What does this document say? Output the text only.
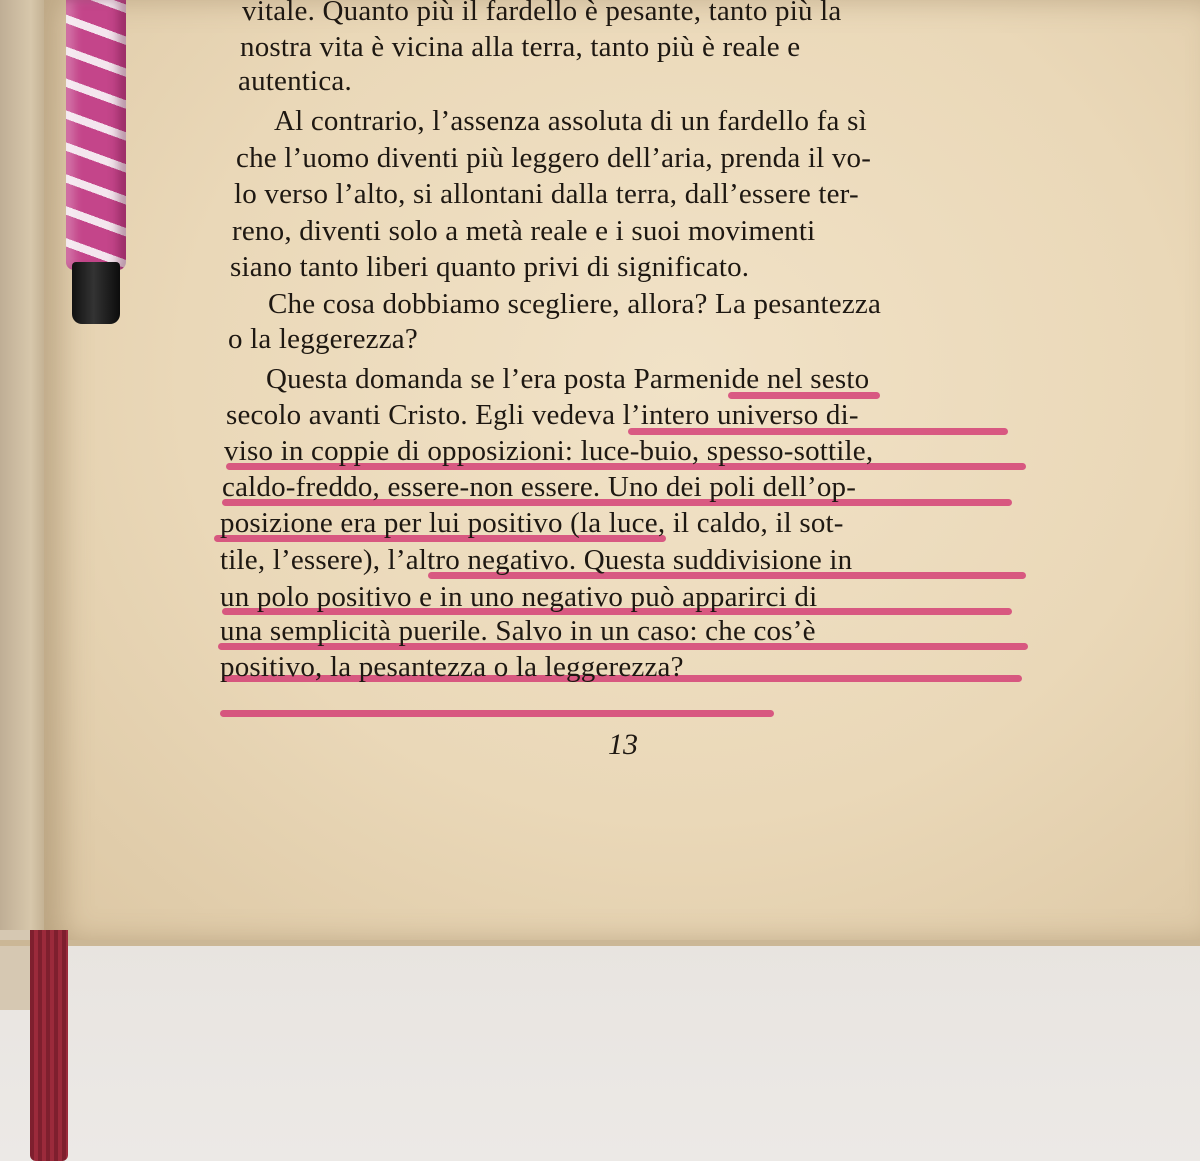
vitale. Quanto più il fardello è pesante, tanto più la

nostra vita è vicina alla terra, tanto più è reale e

autentica.

Al contrario, l’assenza assoluta di un fardello fa sì

che l’uomo diventi più leggero dell’aria, prenda il vo-

lo verso l’alto, si allontani dalla terra, dall’essere ter-

reno, diventi solo a metà reale e i suoi movimenti

siano tanto liberi quanto privi di significato.

Che cosa dobbiamo scegliere, allora? La pesantezza

o la leggerezza?

Questa domanda se l’era posta Parmenide nel sesto

secolo avanti Cristo. Egli vedeva l’intero universo di-

viso in coppie di opposizioni: luce-buio, spesso-sottile,

caldo-freddo, essere-non essere. Uno dei poli dell’op-

posizione era per lui positivo (la luce, il caldo, il sot-

tile, l’essere), l’altro negativo. Questa suddivisione in

un polo positivo e in uno negativo può apparirci di

una semplicità puerile. Salvo in un caso: che cos’è

positivo, la pesantezza o la leggerezza?

13
